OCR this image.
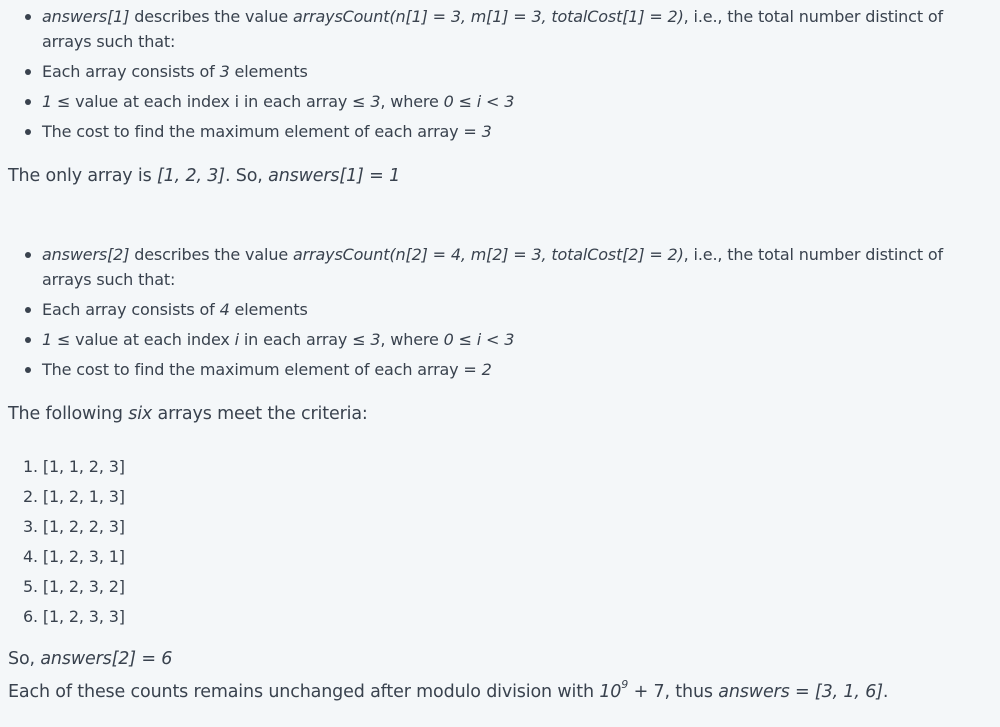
answers[1] describes the value arraysCount(n[1] = 3, m[1] = 3, totalCost[1] = 2), i.e., the total number distinct of arrays such that:
Each array consists of 3 elements
1 ≤ value at each index i in each array ≤ 3, where 0 ≤ i < 3
The cost to find the maximum element of each array = 3
The only array is [1, 2, 3]. So, answers[1] = 1
answers[2] describes the value arraysCount(n[2] = 4, m[2] = 3, totalCost[2] = 2), i.e., the total number distinct of arrays such that:
Each array consists of 4 elements
1 ≤ value at each index i in each array ≤ 3, where 0 ≤ i < 3
The cost to find the maximum element of each array = 2
The following six arrays meet the criteria:
1. [1, 1, 2, 3]
2. [1, 2, 1, 3]
3. [1, 2, 2, 3]
4. [1, 2, 3, 1]
5. [1, 2, 3, 2]
6. [1, 2, 3, 3]
So, answers[2] = 6
Each of these counts remains unchanged after modulo division with $10^9 + 7$, thus answers = [3, 1, 6].
